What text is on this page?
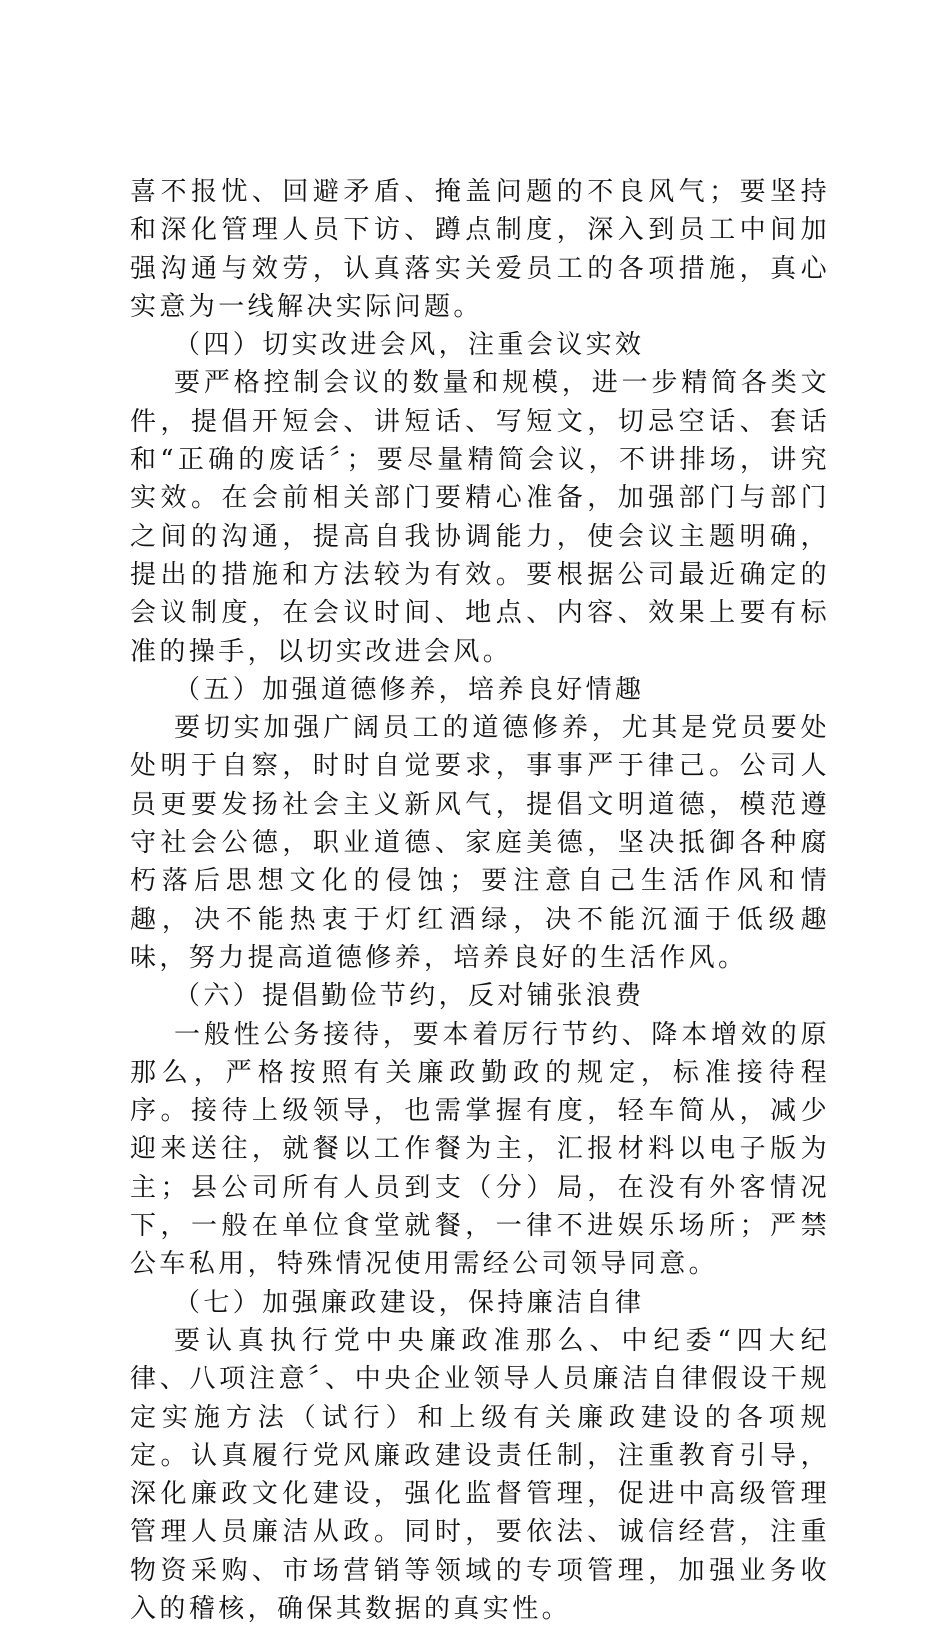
喜不报忧、回避矛盾、掩盖问题的不良风气；要坚持和深化管理人员下访、蹲点制度，深入到员工中间加强沟通与效劳，认真落实关爱员工的各项措施，真心实意为一线解决实际问题。

（四）切实改进会风，注重会议实效

要严格控制会议的数量和规模，进一步精简各类文件，提倡开短会、讲短话、写短文，切忌空话、套话和“正确的废话〞；要尽量精简会议，不讲排场，讲究实效。在会前相关部门要精心准备，加强部门与部门之间的沟通，提高自我协调能力，使会议主题明确，提出的措施和方法较为有效。要根据公司最近确定的会议制度，在会议时间、地点、内容、效果上要有标准的操手，以切实改进会风。

（五）加强道德修养，培养良好情趣

要切实加强广阔员工的道德修养，尤其是党员要处处明于自察，时时自觉要求，事事严于律己。公司人员更要发扬社会主义新风气，提倡文明道德，模范遵守社会公德，职业道德、家庭美德，坚决抵御各种腐朽落后思想文化的侵蚀；要注意自己生活作风和情趣，决不能热衷于灯红酒绿，决不能沉湎于低级趣味，努力提高道德修养，培养良好的生活作风。

（六）提倡勤俭节约，反对铺张浪费

一般性公务接待，要本着厉行节约、降本增效的原那么，严格按照有关廉政勤政的规定，标准接待程序。接待上级领导，也需掌握有度，轻车简从，减少迎来送往，就餐以工作餐为主，汇报材料以电子版为主；县公司所有人员到支（分）局，在没有外客情况下，一般在单位食堂就餐，一律不进娱乐场所；严禁公车私用，特殊情况使用需经公司领导同意。

（七）加强廉政建设，保持廉洁自律

要认真执行党中央廉政准那么、中纪委“四大纪律、八项注意〞、中央企业领导人员廉洁自律假设干规定实施方法（试行）和上级有关廉政建设的各项规定。认真履行党风廉政建设责任制，注重教育引导，深化廉政文化建设，强化监督管理，促进中高级管理管理人员廉洁从政。同时，要依法、诚信经营，注重物资采购、市场营销等领域的专项管理，加强业务收入的稽核，确保其数据的真实性。
